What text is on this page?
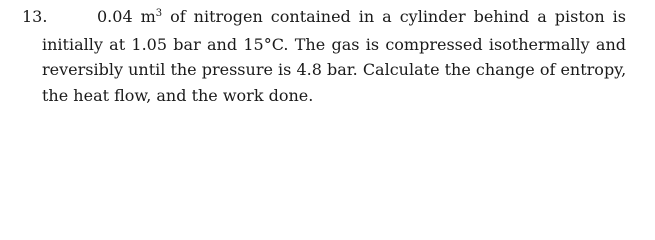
13.	0.04 $m^3$ of nitrogen contained in a cylinder behind a piston is
initially at 1.05 bar and 15°C. The gas is compressed isothermally and
reversibly until the pressure is 4.8 bar. Calculate the change of entropy,
the heat flow, and the work done.
